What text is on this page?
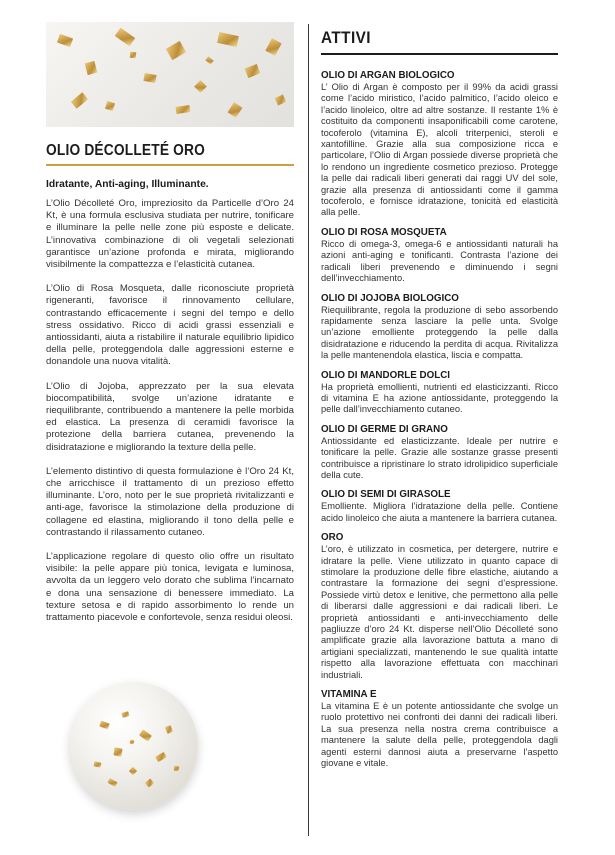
OLIO DÉCOLLETÉ ORO
Idratante, Anti-aging, Illuminante.

L’Olio Décolleté Oro, impreziosito da Particelle d’Oro 24 Kt, è una formula esclusiva studiata per nutrire, tonificare e illuminare la pelle nelle zone più esposte e delicate. L’innovativa combinazione di oli vegetali selezionati garantisce un’azione profonda e mirata, migliorando visibilmente la compattezza e l’elasticità cutanea.

L’Olio di Rosa Mosqueta, dalle riconosciute proprietà rigeneranti, favorisce il rinnovamento cellulare, contrastando efficacemente i segni del tempo e dello stress ossidativo. Ricco di acidi grassi essenziali e antiossidanti, aiuta a ristabilire il naturale equilibrio lipidico della pelle, proteggendola dalle aggressioni esterne e donandole una nuova vitalità.

L’Olio di Jojoba, apprezzato per la sua elevata biocompatibilità, svolge un’azione idratante e riequilibrante, contribuendo a mantenere la pelle morbida ed elastica. La presenza di ceramidi favorisce la protezione della barriera cutanea, prevenendo la disidratazione e migliorando la texture della pelle.

L’elemento distintivo di questa formulazione è l’Oro 24 Kt, che arricchisce il trattamento di un prezioso effetto illuminante. L’oro, noto per le sue proprietà rivitalizzanti e anti-age, favorisce la stimolazione della produzione di collagene ed elastina, migliorando il tono della pelle e contrastando il rilassamento cutaneo.

L’applicazione regolare di questo olio offre un risultato visibile: la pelle appare più tonica, levigata e luminosa, avvolta da un leggero velo dorato che sublima l’incarnato e dona una sensazione di benessere immediato. La texture setosa e di rapido assorbimento lo rende un trattamento piacevole e confortevole, senza residui oleosi.

ATTIVI
OLIO DI ARGAN BIOLOGICO

L’ Olio di Argan è composto per il 99% da acidi grassi come l’acido miristico, l’acido palmitico, l’acido oleico e l’acido linoleico, oltre ad altre sostanze. Il restante 1% è costituito da componenti insaponificabili come carotene, tocoferolo (vitamina E), alcoli triterpenici, steroli e xantofilline. Grazie alla sua composizione ricca e particolare, l’Olio di Argan possiede diverse proprietà che lo rendono un ingrediente cosmetico prezioso. Protegge la pelle dai radicali liberi generati dai raggi UV del sole, grazie alla presenza di antiossidanti come il gamma tocoferolo, e fornisce idratazione, tonicità ed elasticità alla pelle.

OLIO DI ROSA MOSQUETA

Ricco di omega-3, omega-6 e antiossidanti naturali ha azioni anti-aging e tonificanti. Contrasta l’azione dei radicali liberi prevenendo e diminuendo i segni dell’invecchiamento.

OLIO DI JOJOBA BIOLOGICO

Riequilibrante, regola la produzione di sebo assorbendo rapidamente senza lasciare la pelle unta. Svolge un’azione emolliente proteggendo la pelle dalla disidratazione e riducendo la perdita di acqua. Rivitalizza la pelle mantenendola elastica, liscia e compatta.

OLIO DI MANDORLE DOLCI

Ha proprietà emollienti, nutrienti ed elasticizzanti. Ricco di vitamina E ha azione antiossidante, proteggendo la pelle dall’invecchiamento cutaneo.

OLIO DI GERME DI GRANO

Antiossidante ed elasticizzante. Ideale per nutrire e tonificare la pelle. Grazie alle sostanze grasse presenti contribuisce a ripristinare lo strato idrolipidico superficiale della cute.

OLIO DI SEMI DI GIRASOLE

Emolliente. Migliora l’idratazione della pelle. Contiene acido linoleico che aiuta a mantenere la barriera cutanea.

ORO

L’oro, è utilizzato in cosmetica, per detergere, nutrire e idratare la pelle. Viene utilizzato in quanto capace di stimolare la produzione delle fibre elastiche, aiutando a contrastare la formazione dei segni d’espressione. Possiede virtù detox e lenitive, che permettono alla pelle di liberarsi dalle aggressioni e dai radicali liberi. Le proprietà antiossidanti e anti-invecchiamento delle pagliuzze d’oro 24 Kt. disperse nell’Olio Décolleté sono amplificate grazie alla lavorazione battuta a mano di artigiani specializzati, mantenendo le sue qualità intatte rispetto alla lavorazione effettuata con macchinari industriali.

VITAMINA E

La vitamina E è un potente antiossidante che svolge un ruolo protettivo nei confronti dei danni dei radicali liberi. La sua presenza nella nostra crema contribuisce a mantenere la salute della pelle, proteggendola dagli agenti esterni dannosi aiuta a preservarne l’aspetto giovane e vitale.
